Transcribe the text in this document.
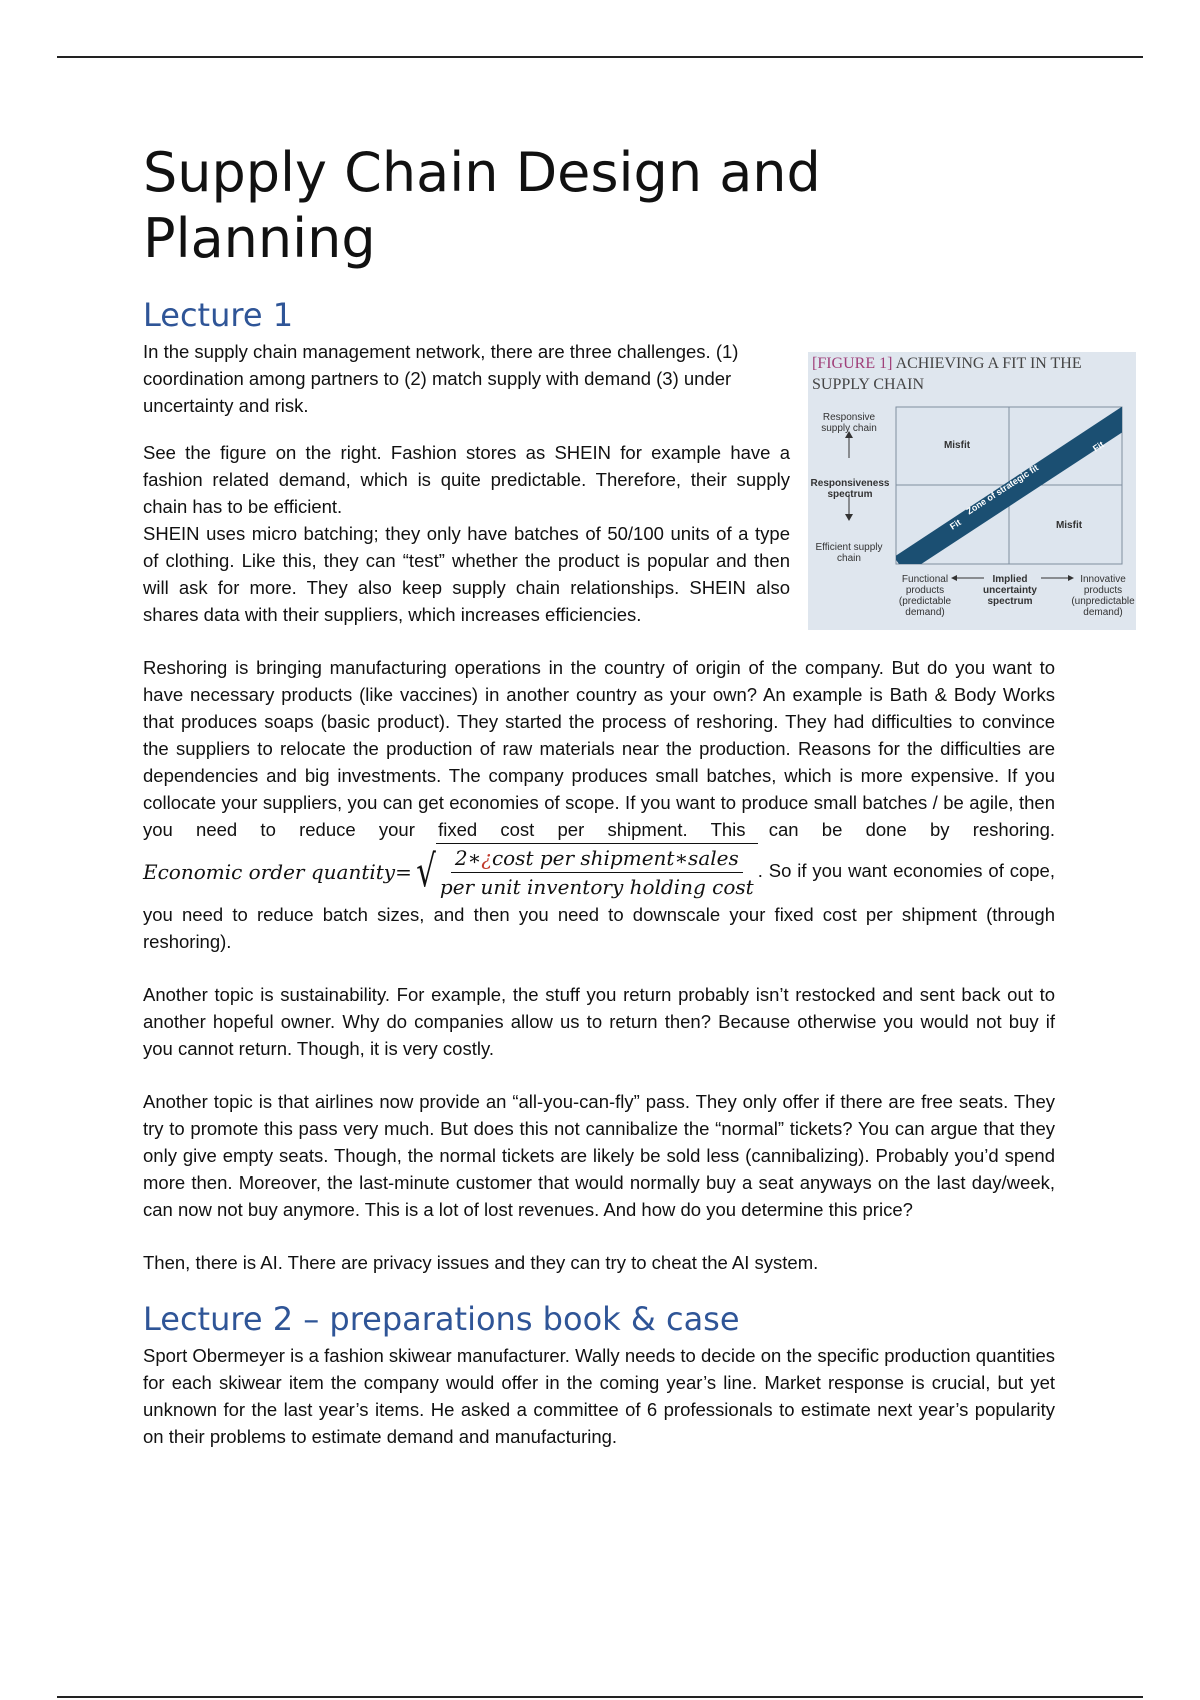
Supply Chain Design and Planning
Lecture 1

In the supply chain management network, there are three challenges. (1) coordination among partners to (2) match supply with demand (3) under uncertainty and risk.

See the figure on the right. Fashion stores as SHEIN for example have a fashion related demand, which is quite predictable. Therefore, their supply chain has to be efficient.

SHEIN uses micro batching; they only have batches of 50/100 units of a type of clothing. Like this, they can “test” whether the product is popular and then will ask for more. They also keep supply chain relationships. SHEIN also shares data with their suppliers, which increases efficiencies.

Reshoring is bringing manufacturing operations in the country of origin of the company. But do you want to have necessary products (like vaccines) in another country as your own? An example is Bath & Body Works that produces soaps (basic product). They started the process of reshoring. They had difficulties to convince the suppliers to relocate the production of raw materials near the production. Reasons for the difficulties are dependencies and big investments. The company produces small batches, which is more expensive. If you collocate your suppliers, you can get economies of scope. If you want to produce small batches / be agile, then you need to reduce your fixed cost per shipment. This can be done by reshoring.
Economic order quantity= √ $\frac{\text{2∗¿cost per shipment∗sales}}{\text{per unit inventory holding cost}}$ . So if you want economies of cope, you need to reduce batch sizes, and then you need to downscale your fixed cost per shipment (through reshoring).

Another topic is sustainability. For example, the stuff you return probably isn’t restocked and sent back out to another hopeful owner. Why do companies allow us to return then? Because otherwise you would not buy if you cannot return. Though, it is very costly.

Another topic is that airlines now provide an “all-you-can-fly” pass. They only offer if there are free seats. They try to promote this pass very much. But does this not cannibalize the “normal” tickets? You can argue that they only give empty seats. Though, the normal tickets are likely be sold less (cannibalizing). Probably you’d spend more then. Moreover, the last-minute customer that would normally buy a seat anyways on the last day/week, can now not buy anymore. This is a lot of lost revenues. And how do you determine this price?

Then, there is AI. There are privacy issues and they can try to cheat the AI system.

Lecture 2 – preparations book & case

Sport Obermeyer is a fashion skiwear manufacturer. Wally needs to decide on the specific production quantities for each skiwear item the company would offer in the coming year’s line. Market response is crucial, but yet unknown for the last year’s items. He asked a committee of 6 professionals to estimate next year’s popularity on their problems to estimate demand and manufacturing.

[FIGURE 1] ACHIEVING A FIT IN THE SUPPLY CHAIN
Zone of strategic fit
Fit
Fit
Responsive supply chain
Responsiveness spectrum
Efficient supply chain
Misfit
Misfit
Functional products (predictable demand)
Implied uncertainty spectrum
Innovative products (unpredictable demand)
